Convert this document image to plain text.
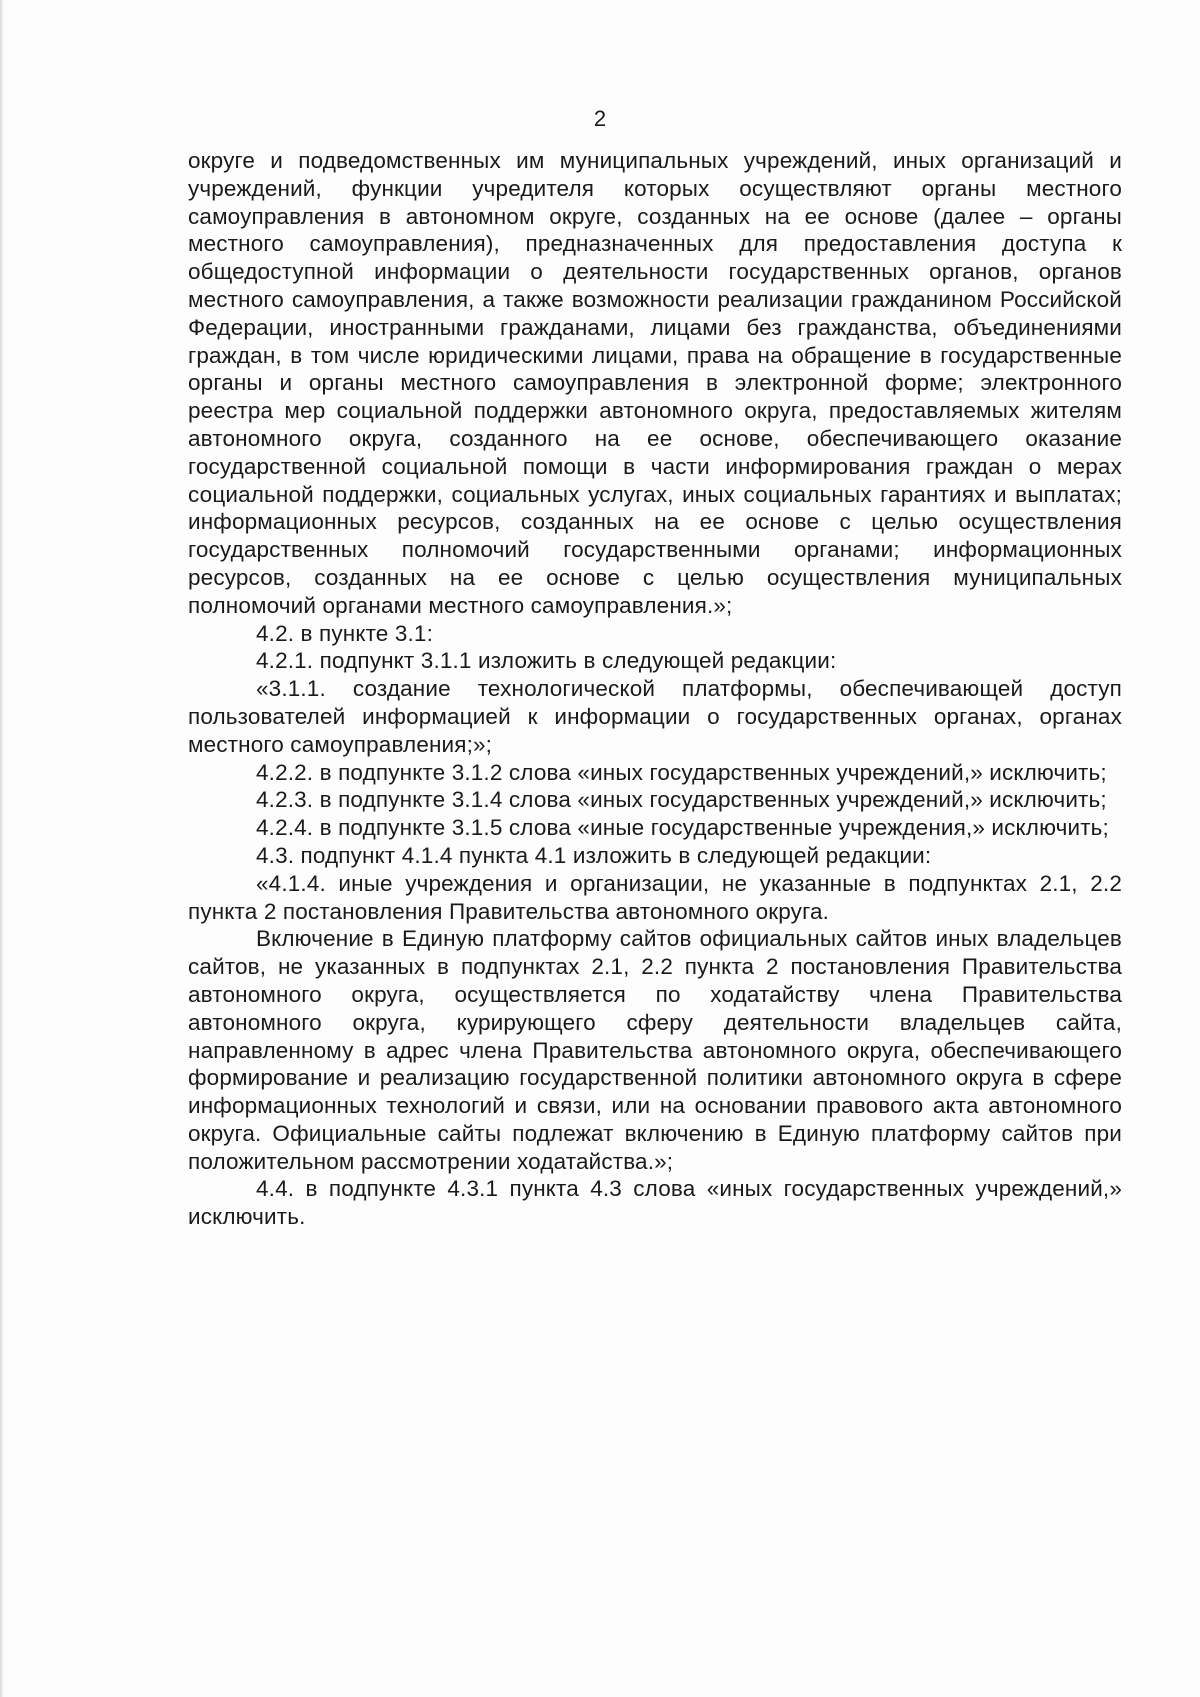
2

округе и подведомственных им муниципальных учреждений, иных организаций и учреждений, функции учредителя которых осуществляют органы местного самоуправления в автономном округе, созданных на ее основе (далее – органы местного самоуправления), предназначенных для предоставления доступа к общедоступной информации о деятельности государственных органов, органов местного самоуправления, а также возможности реализации гражданином Российской Федерации, иностранными гражданами, лицами без гражданства, объединениями граждан, в том числе юридическими лицами, права на обращение в государственные органы и органы местного самоуправления в электронной форме; электронного реестра мер социальной поддержки автономного округа, предоставляемых жителям автономного округа, созданного на ее основе, обеспечивающего оказание государственной социальной помощи в части информирования граждан о мерах социальной поддержки, социальных услугах, иных социальных гарантиях и выплатах; информационных ресурсов, созданных на ее основе с целью осуществления государственных полномочий государственными органами; информационных ресурсов, созданных на ее основе с целью осуществления муниципальных полномочий органами местного самоуправления.»;

4.2. в пункте 3.1:

4.2.1. подпункт 3.1.1 изложить в следующей редакции:

«3.1.1. создание технологической платформы, обеспечивающей доступ пользователей информацией к информации о государственных органах, органах местного самоуправления;»;

4.2.2. в подпункте 3.1.2 слова «иных государственных учреждений,» исключить;

4.2.3. в подпункте 3.1.4 слова «иных государственных учреждений,» исключить;

4.2.4. в подпункте 3.1.5 слова «иные государственные учреждения,» исключить;

4.3. подпункт 4.1.4 пункта 4.1 изложить в следующей редакции:

«4.1.4. иные учреждения и организации, не указанные в подпунктах 2.1, 2.2 пункта 2 постановления Правительства автономного округа.

Включение в Единую платформу сайтов официальных сайтов иных владельцев сайтов, не указанных в подпунктах 2.1, 2.2 пункта 2 постановления Правительства автономного округа, осуществляется по ходатайству члена Правительства автономного округа, курирующего сферу деятельности владельцев сайта, направленному в адрес члена Правительства автономного округа, обеспечивающего формирование и реализацию государственной политики автономного округа в сфере информационных технологий и связи, или на основании правового акта автономного округа. Официальные сайты подлежат включению в Единую платформу сайтов при положительном рассмотрении ходатайства.»;

4.4. в подпункте 4.3.1 пункта 4.3 слова «иных государственных учреждений,» исключить.
